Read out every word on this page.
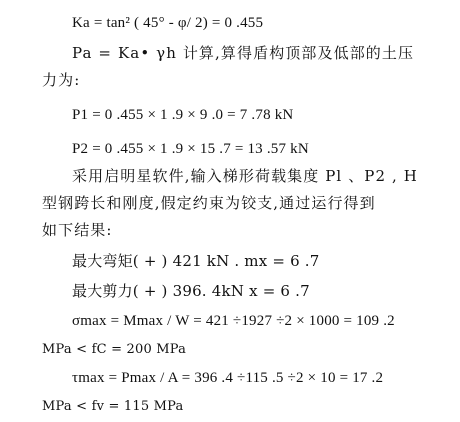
Ka = tan² ( 45° - φ/ 2) = 0 .455
Pa = Ka• γh 计算,算得盾构顶部及低部的土压
力为:
P1 = 0 .455 × 1 .9 × 9 .0 = 7 .78 kN
P2 = 0 .455 × 1 .9 × 15 .7 = 13 .57 kN
采用启明星软件,输入梯形荷载集度 Pl 、P2 , H
型钢跨长和刚度,假定约束为铰支,通过运行得到
如下结果:
最大弯矩( + ) 421 kN . mx = 6 .7
最大剪力( + ) 396. 4kN x = 6 .7
σmax = Mmax / W = 421 ÷1927 ÷2 × 1000 = 109 .2
MPa < fC = 200 MPa
τmax = Pmax / A = 396 .4 ÷115 .5 ÷2 × 10 = 17 .2
MPa < fv = 115 MPa
